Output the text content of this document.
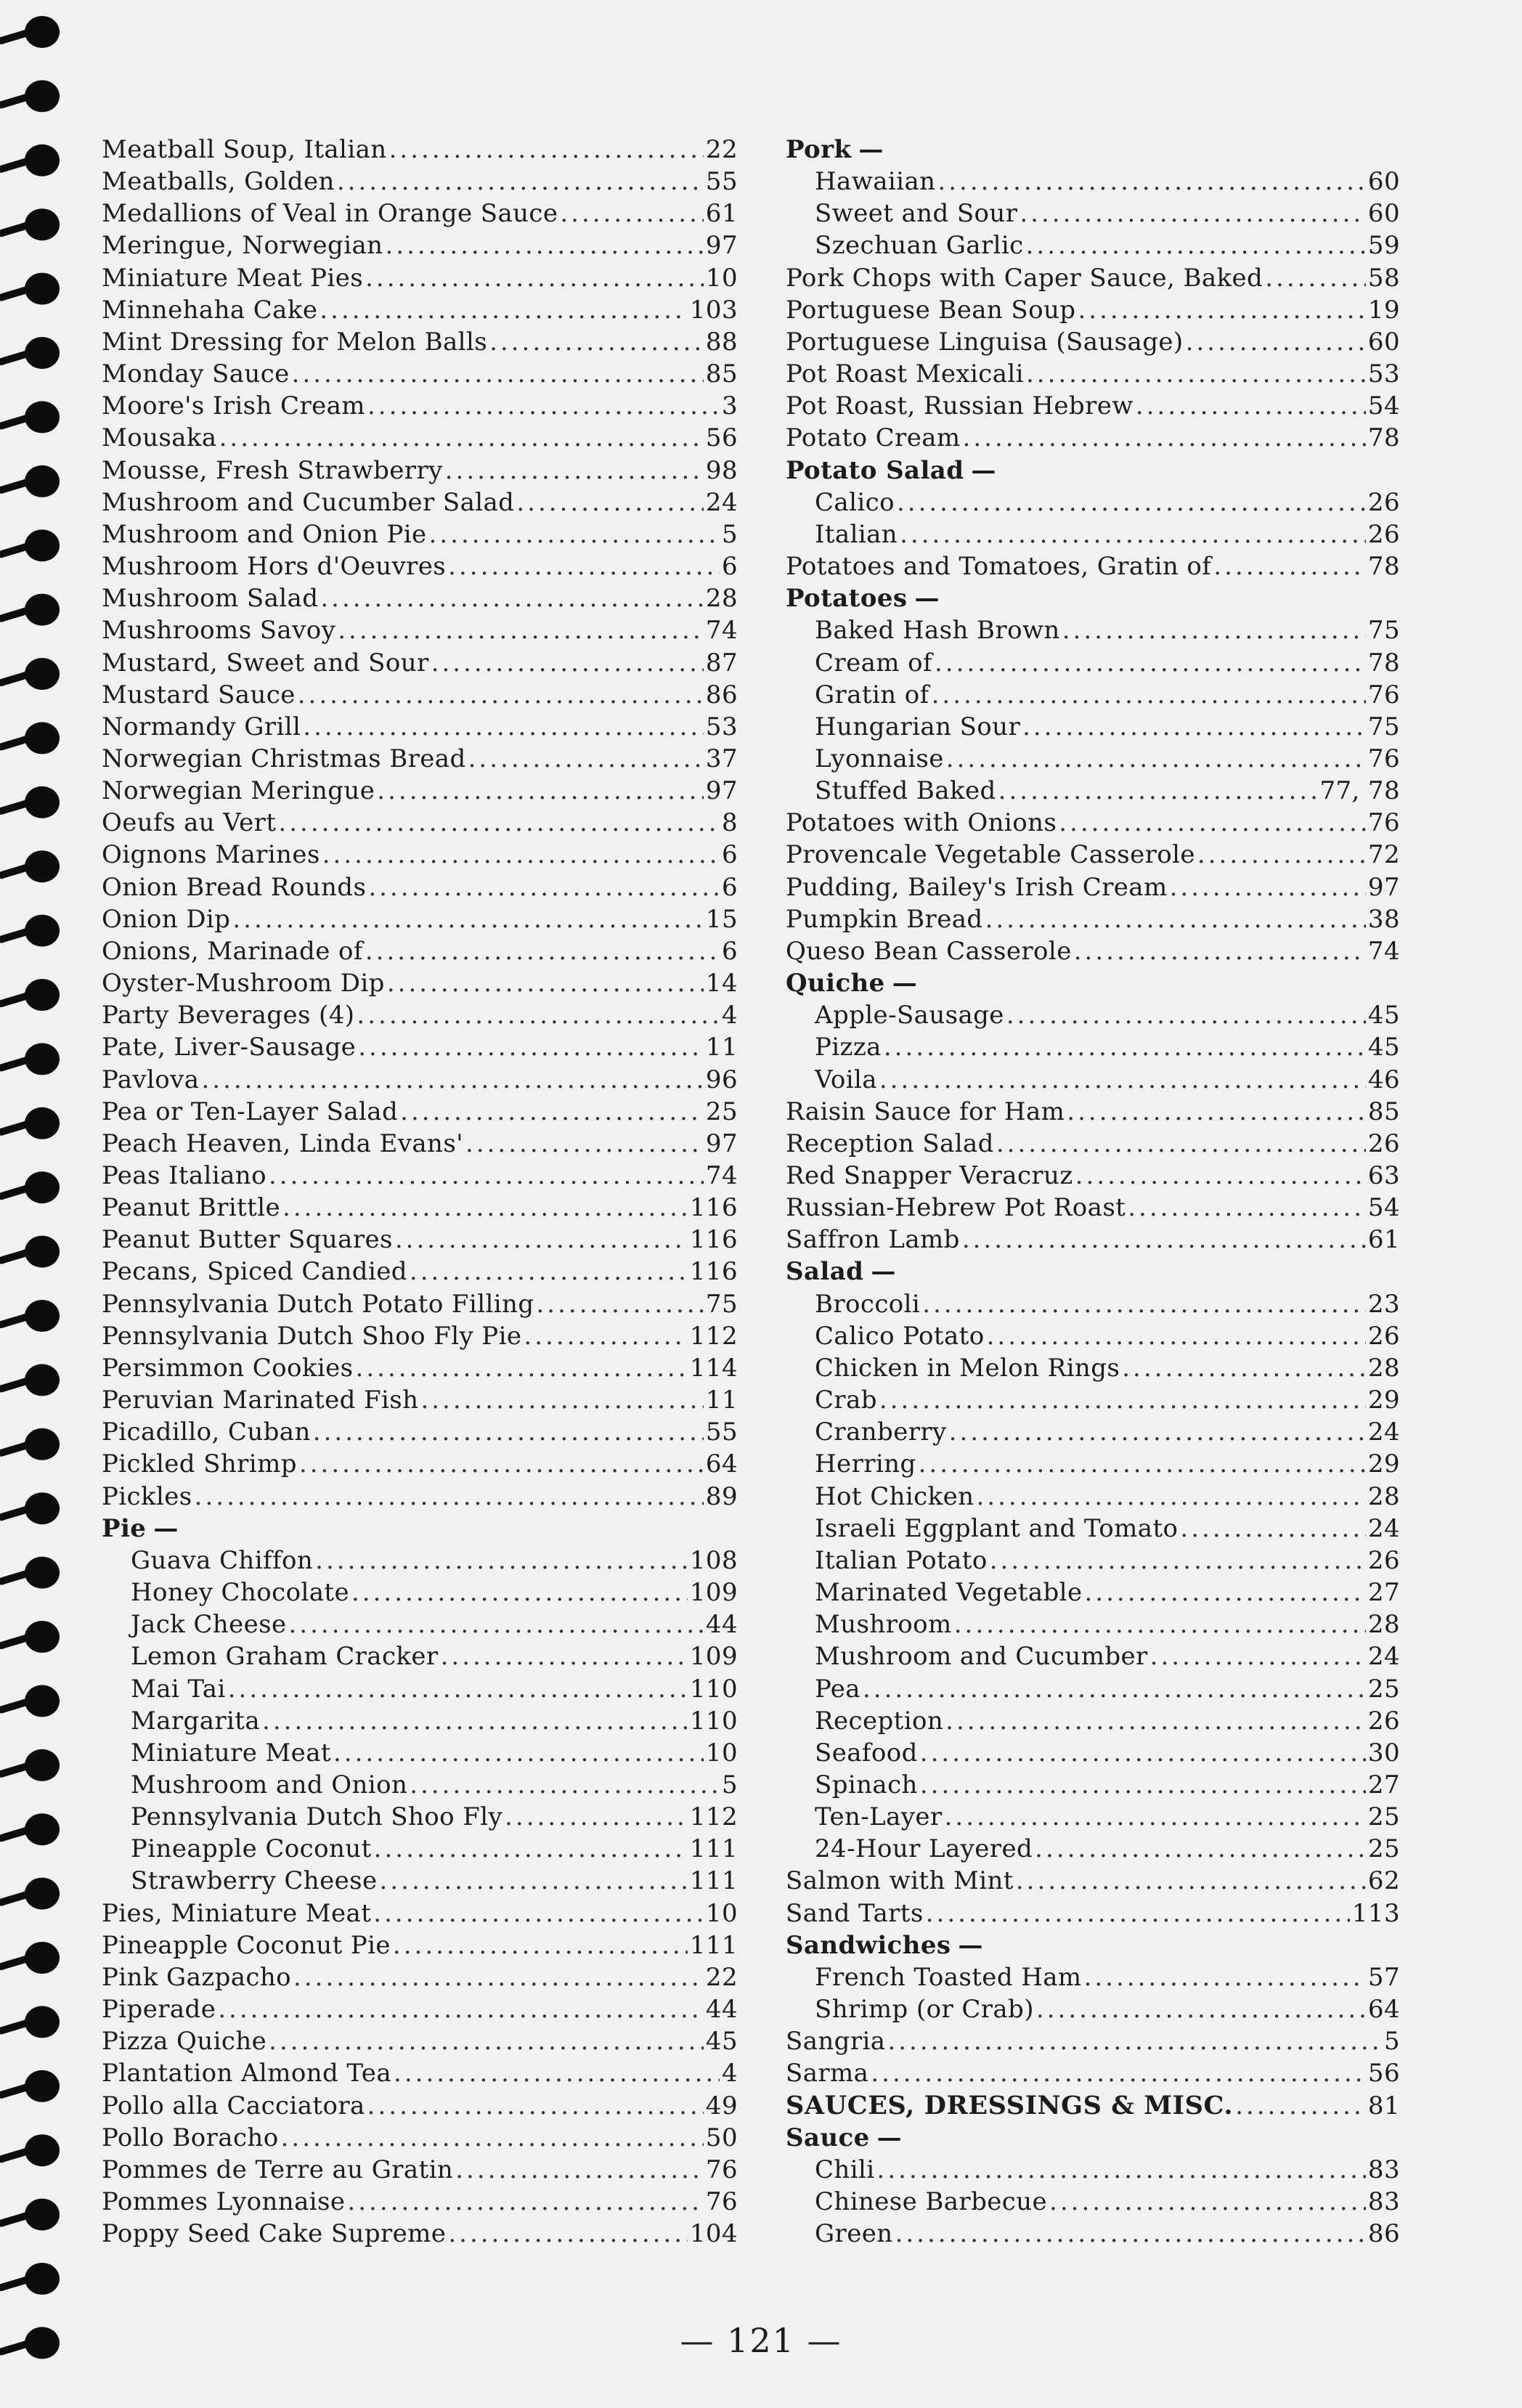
Meatball Soup, Italian .....	22
Meatballs, Golden .....	55
Medallions of Veal in Orange Sauce .....	61
Meringue, Norwegian .....	97
Miniature Meat Pies .....	10
Minnehaha Cake .....	103
Mint Dressing for Melon Balls .....	88
Monday Sauce .....	85
Moore's Irish Cream .....	3
Mousaka .....	56
Mousse, Fresh Strawberry .....	98
Mushroom and Cucumber Salad .....	24
Mushroom and Onion Pie .....	5
Mushroom Hors d'Oeuvres .....	6
Mushroom Salad .....	28
Mushrooms Savoy .....	74
Mustard, Sweet and Sour .....	87
Mustard Sauce .....	86
Normandy Grill .....	53
Norwegian Christmas Bread .....	37
Norwegian Meringue .....	97
Oeufs au Vert .....	8
Oignons Marines .....	6
Onion Bread Rounds .....	6
Onion Dip .....	15
Onions, Marinade of .....	6
Oyster-Mushroom Dip .....	14
Party Beverages (4) .....	4
Pate, Liver-Sausage .....	11
Pavlova .....	96
Pea or Ten-Layer Salad .....	25
Peach Heaven, Linda Evans' .....	97
Peas Italiano .....	74
Peanut Brittle .....	116
Peanut Butter Squares .....	116
Pecans, Spiced Candied .....	116
Pennsylvania Dutch Potato Filling .....	75
Pennsylvania Dutch Shoo Fly Pie .....	112
Persimmon Cookies .....	114
Peruvian Marinated Fish .....	11
Picadillo, Cuban .....	55
Pickled Shrimp .....	64
Pickles .....	89
Pie —
Guava Chiffon .....	108
Honey Chocolate .....	109
Jack Cheese .....	44
Lemon Graham Cracker .....	109
Mai Tai .....	110
Margarita .....	110
Miniature Meat .....	10
Mushroom and Onion .....	5
Pennsylvania Dutch Shoo Fly .....	112
Pineapple Coconut .....	111
Strawberry Cheese .....	111
Pies, Miniature Meat .....	10
Pineapple Coconut Pie .....	111
Pink Gazpacho .....	22
Piperade .....	44
Pizza Quiche .....	45
Plantation Almond Tea .....	4
Pollo alla Cacciatora .....	49
Pollo Boracho .....	50
Pommes de Terre au Gratin .....	76
Pommes Lyonnaise .....	76
Poppy Seed Cake Supreme .....	104
Pork —
Hawaiian .....	60
Sweet and Sour .....	60
Szechuan Garlic .....	59
Pork Chops with Caper Sauce, Baked .....	58
Portuguese Bean Soup .....	19
Portuguese Linguisa (Sausage) .....	60
Pot Roast Mexicali .....	53
Pot Roast, Russian Hebrew .....	54
Potato Cream .....	78
Potato Salad —
Calico .....	26
Italian .....	26
Potatoes and Tomatoes, Gratin of .....	78
Potatoes —
Baked Hash Brown .....	75
Cream of .....	78
Gratin of .....	76
Hungarian Sour .....	75
Lyonnaise .....	76
Stuffed Baked .....	77, 78
Potatoes with Onions .....	76
Provencale Vegetable Casserole .....	72
Pudding, Bailey's Irish Cream .....	97
Pumpkin Bread .....	38
Queso Bean Casserole .....	74
Quiche —
Apple-Sausage .....	45
Pizza .....	45
Voila .....	46
Raisin Sauce for Ham .....	85
Reception Salad .....	26
Red Snapper Veracruz .....	63
Russian-Hebrew Pot Roast .....	54
Saffron Lamb .....	61
Salad —
Broccoli .....	23
Calico Potato .....	26
Chicken in Melon Rings .....	28
Crab .....	29
Cranberry .....	24
Herring .....	29
Hot Chicken .....	28
Israeli Eggplant and Tomato .....	24
Italian Potato .....	26
Marinated Vegetable .....	27
Mushroom .....	28
Mushroom and Cucumber .....	24
Pea .....	25
Reception .....	26
Seafood .....	30
Spinach .....	27
Ten-Layer .....	25
24-Hour Layered .....	25
Salmon with Mint .....	62
Sand Tarts .....	113
Sandwiches —
French Toasted Ham .....	57
Shrimp (or Crab) .....	64
Sangria .....	5
Sarma .....	56
SAUCES, DRESSINGS & MISC. .....	81
Sauce —
Chili .....	83
Chinese Barbecue .....	83
Green .....	86

— 121 —
